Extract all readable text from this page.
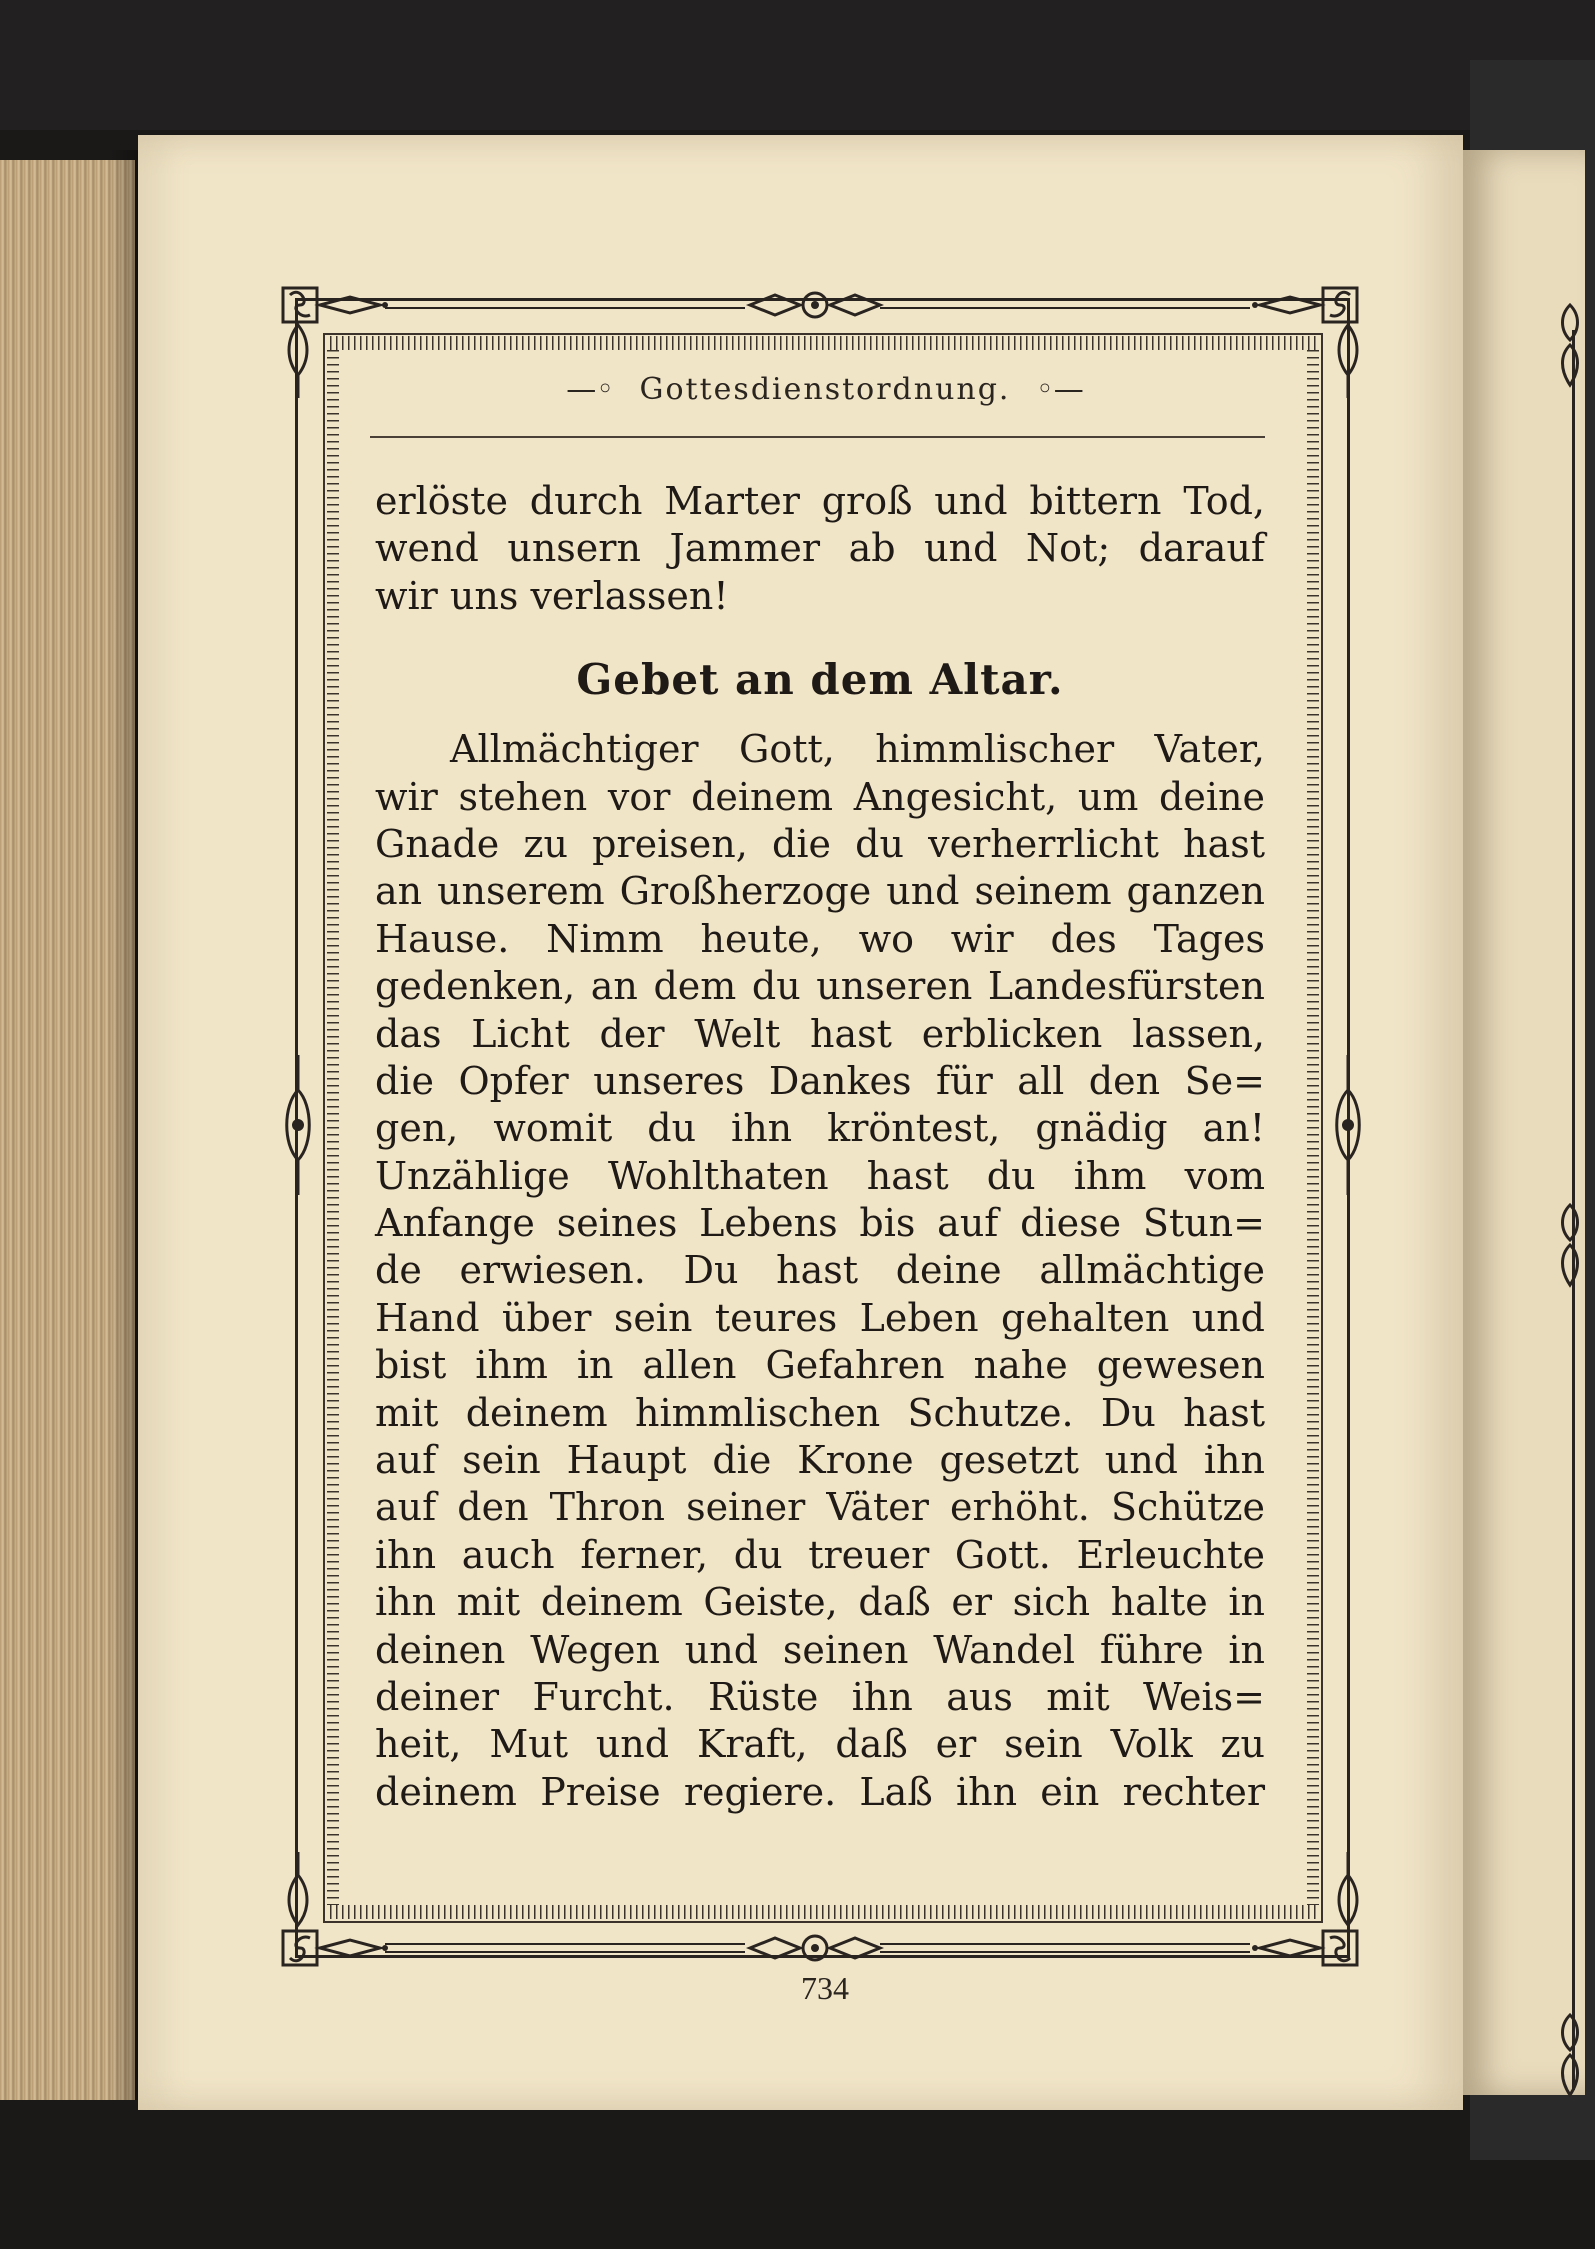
—◦ Gottesdienstordnung. ◦—
erlöste durch Marter groß und bittern Tod,
wend unsern Jammer ab und Not; darauf
wir uns verlassen!
Gebet an dem Altar.
Allmächtiger Gott, himmlischer Vater,
wir stehen vor deinem Angesicht, um deine
Gnade zu preisen, die du verherrlicht hast
an unserem Großherzoge und seinem ganzen
Hause. Nimm heute, wo wir des Tages
gedenken, an dem du unseren Landesfürsten
das Licht der Welt hast erblicken lassen,
die Opfer unseres Dankes für all den Se=
gen, womit du ihn kröntest, gnädig an!
Unzählige Wohlthaten hast du ihm vom
Anfange seines Lebens bis auf diese Stun=
de erwiesen. Du hast deine allmächtige
Hand über sein teures Leben gehalten und
bist ihm in allen Gefahren nahe gewesen
mit deinem himmlischen Schutze. Du hast
auf sein Haupt die Krone gesetzt und ihn
auf den Thron seiner Väter erhöht. Schütze
ihn auch ferner, du treuer Gott. Erleuchte
ihn mit deinem Geiste, daß er sich halte in
deinen Wegen und seinen Wandel führe in
deiner Furcht. Rüste ihn aus mit Weis=
heit, Mut und Kraft, daß er sein Volk zu
deinem Preise regiere. Laß ihn ein rechter
734
